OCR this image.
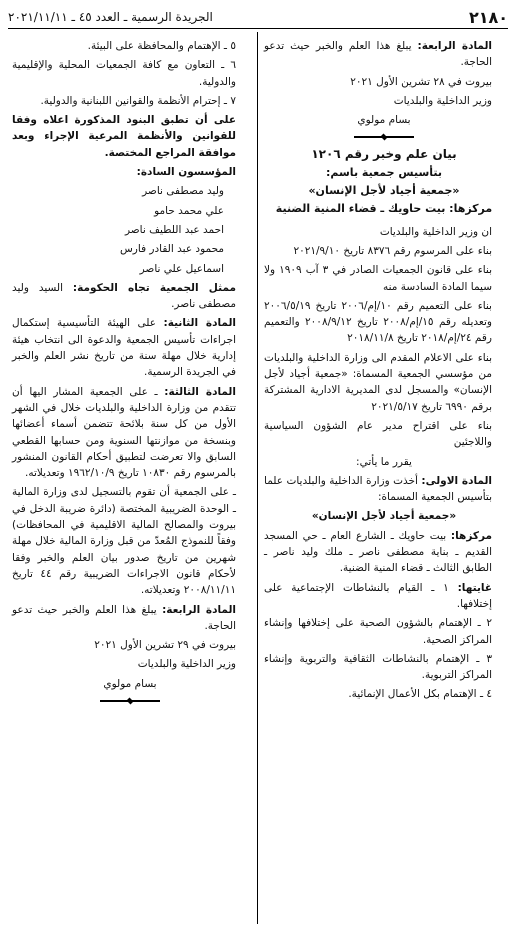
٢١٨٠
الجريدة الرسمية ـ العدد ٤٥ ـ ٢٠٢١/١١/١١

المادة الرابعة: يبلغ هذا العلم والخبر حيث تدعو الحاجة.

بيروت في ٢٨ تشرين الأول ٢٠٢١

وزير الداخلية والبلديات

بسام مولوي

بيان علم وخبر رقم ١٢٠٦
بتأسيس جمعية باسم:
«جمعية أجياد لأجل الإنسان»
مركزها: بيت حاويك ـ قضاء المنية الضنية

ان وزير الداخلية والبلديات

بناء على المرسوم رقم ٨٣٧٦ تاريخ ٢٠٢١/٩/١٠

بناء على قانون الجمعيات الصادر في ٣ آب ١٩٠٩ ولا سيما المادة السادسة منه

بناء على التعميم رقم ١٠/إم/٢٠٠٦ تاريخ ٢٠٠٦/٥/١٩ وتعديله رقم ١٥/إم/٢٠٠٨ تاريخ ٢٠٠٨/٩/١٢ والتعميم رقم ٢٤/إم/٢٠١٨ تاريخ ٢٠١٨/١١/٨

بناء على الاعلام المقدم الى وزارة الداخلية والبلديات من مؤسسي الجمعية المسماة: «جمعية أجياد لأجل الإنسان» والمسجل لدى المديرية الادارية المشتركة برقم ٦٩٩٠ تاريخ ٢٠٢١/٥/١٧

بناء على اقتراح مدير عام الشؤون السياسية واللاجئين

يقرر ما يأتي:

المادة الاولى: أخذت وزارة الداخلية والبلديات علما بتأسيس الجمعية المسماة:

«جمعية أجياد لأجل الإنسان»

مركزها: بيت حاويك ـ الشارع العام ـ حي المسجد القديم ـ بناية مصطفى ناصر ـ ملك وليد ناصر ـ الطابق الثالث ـ قضاء المنية الضنية.

غايتها: ١ ـ القيام بالنشاطات الإجتماعية على إختلافها.

٢ ـ الإهتمام بالشؤون الصحية على إختلافها وإنشاء المراكز الصحية.

٣ ـ الإهتمام بالنشاطات الثقافية والتربوية وإنشاء المراكز التربوية.

٤ ـ الإهتمام بكل الأعمال الإنمائية.

٥ ـ الإهتمام والمحافظة على البيئة.

٦ ـ التعاون مع كافة الجمعيات المحلية والإقليمية والدولية.

٧ ـ إحترام الأنظمة والقوانين اللبنانية والدولية.

على أن تطبق البنود المذكورة اعلاه وفقا للقوانين والأنظمة المرعية الإجراء وبعد موافقة المراجع المختصة.

المؤسسون السادة:

وليد مصطفى ناصر

علي محمد حامو

احمد عبد اللطيف ناصر

محمود عبد القادر فارس

اسماعيل علي ناصر

ممثل الجمعية تجاه الحكومة: السيد وليد مصطفى ناصر.

المادة الثانية: على الهيئة التأسيسية إستكمال اجراءات تأسيس الجمعية والدعوة الى انتخاب هيئة إدارية خلال مهلة سنة من تاريخ نشر العلم والخبر في الجريدة الرسمية.

المادة الثالثة: ـ على الجمعية المشار اليها أن تتقدم من وزارة الداخلية والبلديات خلال في الشهر الأول من كل سنة بلائحة تتضمن أسماء أعضائها وبنسخة من موازنتها السنوية ومن حسابها القطعي السابق والا تعرضت لتطبيق أحكام القانون المنشور بالمرسوم رقم ١٠٨٣٠ تاريخ ١٩٦٢/١٠/٩ وتعديلاته.

ـ على الجمعية أن تقوم بالتسجيل لدى وزارة المالية ـ الوحدة الضريبية المختصة (دائرة ضريبة الدخل في بيروت والمصالح المالية الاقليمية في المحافظات) وفقاً للنموذج المُعدّ من قبل وزارة المالية خلال مهلة شهرين من تاريخ صدور بيان العلم والخبر وفقا لأحكام قانون الاجراءات الضريبية رقم ٤٤ تاريخ ٢٠٠٨/١١/١١ وتعديلاته.

المادة الرابعة: يبلغ هذا العلم والخبر حيث تدعو الحاجة.

بيروت في ٢٩ تشرين الأول ٢٠٢١

وزير الداخلية والبلديات

بسام مولوي
